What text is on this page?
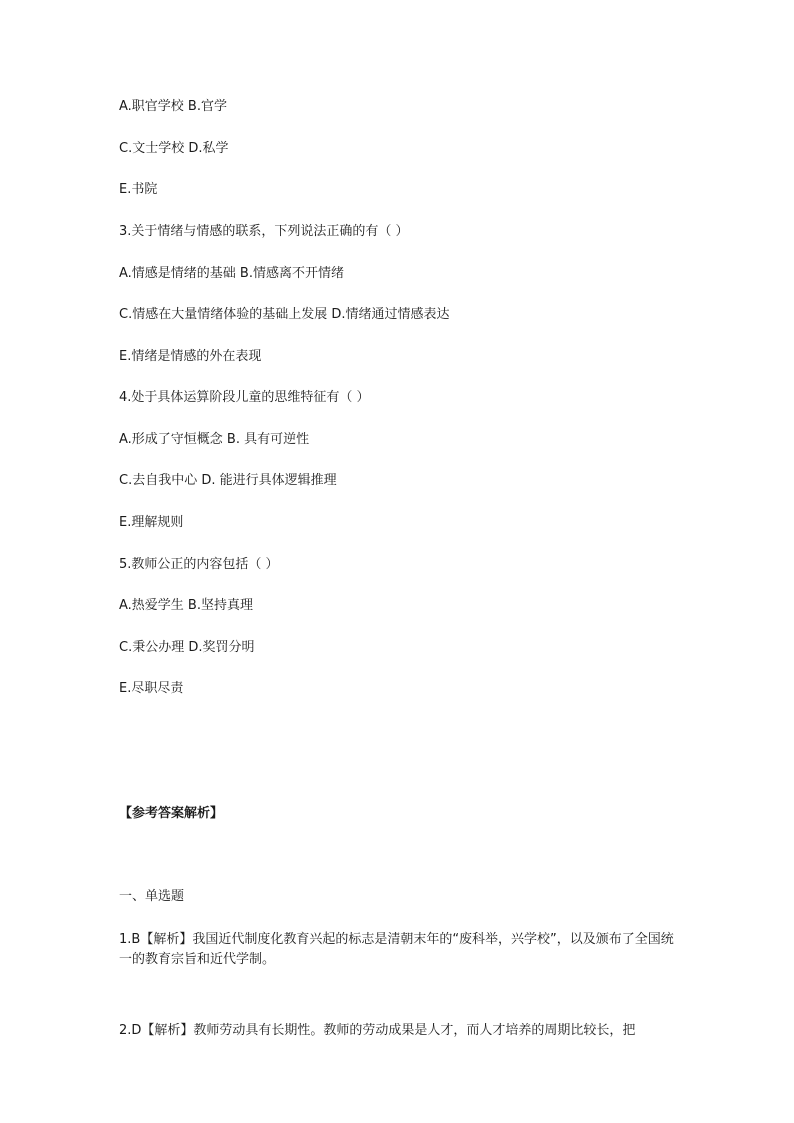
A.职官学校 B.官学
C.文士学校 D.私学
E.书院
3.关于情绪与情感的联系，下列说法正确的有（ ）
A.情感是情绪的基础 B.情感离不开情绪
C.情感在大量情绪体验的基础上发展 D.情绪通过情感表达
E.情绪是情感的外在表现
4.处于具体运算阶段儿童的思维特征有（ ）
A.形成了守恒概念 B. 具有可逆性
C.去自我中心 D. 能进行具体逻辑推理
E.理解规则
5.教师公正的内容包括（ ）
A.热爱学生 B.坚持真理
C.秉公办理 D.奖罚分明
E.尽职尽责
【参考答案解析】
一、单选题
1.B【解析】我国近代制度化教育兴起的标志是清朝末年的“废科举，兴学校”，以及颁布了全国统一的教育宗旨和近代学制。
2.D【解析】教师劳动具有长期性。教师的劳动成果是人才，而人才培养的周期比较长，把
